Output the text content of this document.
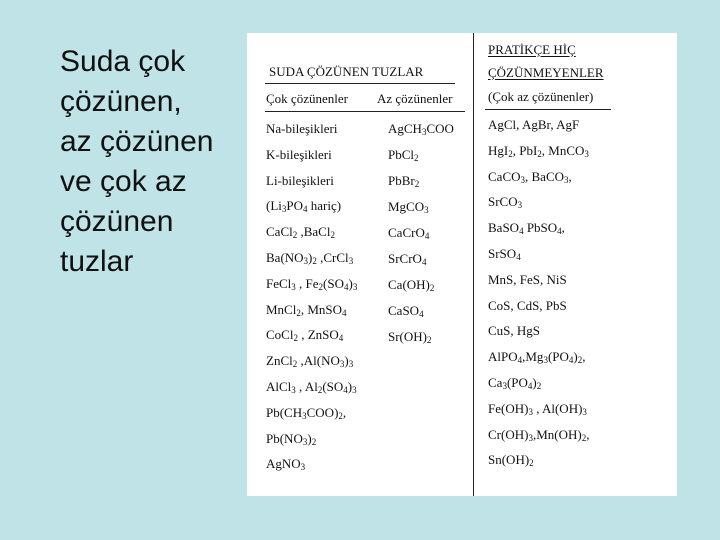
Suda çok
çözünen,
az çözünen
ve çok az
çözünen
tuzlar
SUDA ÇÖZÜNEN TUZLAR
PRATİKÇE HİÇ
ÇÖZÜNMEYENLER
Çok çözünenler Az çözünenler	(Çok az çözünenler)
Na-bileşikleri
K-bileşikleri
Li-bileşikleri
($Li_3PO_4$ hariç)
CaCl$_2$ ,BaCl$_2$
$Ba(NO_3)_2$ ,CrCl$_3$
FeCl$_3$ , $Fe_2(SO_4)_3$
MnCl$_2$, MnSO$_4$
CoCl$_2$ , ZnSO$_4$
ZnCl$_2$ $,Al(NO_3)_3$
AlCl$_3$ , $Al_2(SO_4)_3$
$Pb(CH_3COO)_2$,
$Pb(NO_3)_2$
AgNO$_3$
AgCH$_3$COO
PbCl$_2$
PbBr$_2$
MgCO$_3$
CaCrO$_4$
SrCrO$_4$
$Ca(OH)_2$
CaSO$_4$
$Sr(OH)_2$
AgCl, AgBr, AgF
HgI$_2$, PbI$_2$, MnCO$_3$
CaCO$_3$, BaCO$_3$,
SrCO$_3$
BaSO$_4$ PbSO$_4$,
SrSO$_4$
MnS, FeS, NiS
CoS, CdS, PbS
CuS, HgS
$AlPO_4,Mg_3(PO_4)_2$,
$Ca_3(PO_4)_2$
$Fe(OH)_3$ , $Al(OH)_3$
$Cr(OH)_3,Mn(OH)_2$,
$Sn(OH)_2$
